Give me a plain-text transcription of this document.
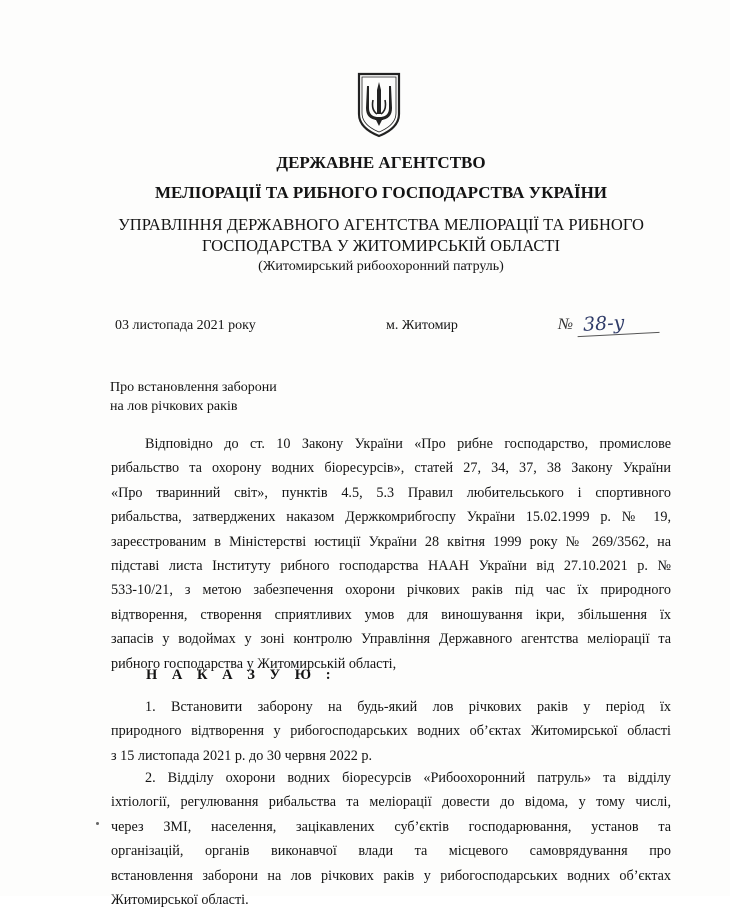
ДЕРЖАВНЕ АГЕНТСТВО
МЕЛІОРАЦІЇ ТА РИБНОГО ГОСПОДАРСТВА УКРАЇНИ
УПРАВЛІННЯ ДЕРЖАВНОГО АГЕНТСТВА МЕЛІОРАЦІЇ ТА РИБНОГО
ГОСПОДАРСТВА У ЖИТОМИРСЬКІЙ ОБЛАСТІ
(Житомирський рибоохоронний патруль)
03 листопада 2021 року	м. Житомир	№ 38-у
Про встановлення заборони
на лов річкових раків
Відповідно до ст. 10 Закону України «Про рибне господарство, промислове
рибальство та охорону водних біоресурсів», статей 27, 34, 37, 38 Закону України
«Про тваринний світ», пунктів 4.5, 5.3 Правил любительського і спортивного
рибальства, затверджених наказом Держкомрибгоспу України 15.02.1999 р. № 19,
зареєстрованим в Міністерстві юстиції України 28 квітня 1999 року № 269/3562, на
підставі листа Інституту рибного господарства НААН України від 27.10.2021 р. №
533-10/21, з метою забезпечення охорони річкових раків під час їх природного
відтворення, створення сприятливих умов для виношування ікри, збільшення їх
запасів у водоймах у зоні контролю Управління Державного агентства меліорації та
рибного господарства у Житомирській області,
Н А К А З У Ю :
1. Встановити заборону на будь-який лов річкових раків у період їх
природного відтворення у рибогосподарських водних об’єктах Житомирської області
з 15 листопада 2021 р. до 30 червня 2022 р.
2. Відділу охорони водних біоресурсів «Рибоохоронний патруль» та відділу
іхтіології, регулювання рибальства та меліорації довести до відома, у тому числі,
через ЗМІ, населення, зацікавлених суб’єктів господарювання, установ та
організацій, органів виконавчої влади та місцевого самоврядування про
встановлення заборони на лов річкових раків у рибогосподарських водних об’єктах
Житомирської області.
